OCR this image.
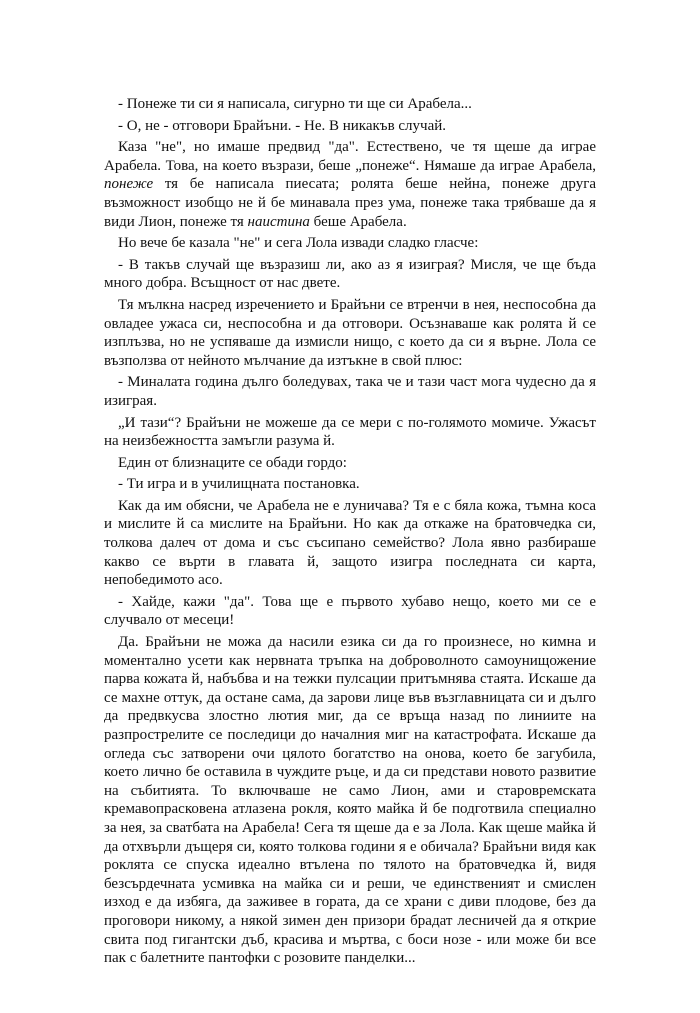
- Понеже ти си я написала, сигурно ти ще си Арабела...

- О, не - отговори Брайъни. - Не. В никакъв случай.

Каза "не", но имаше предвид "да". Естествено, че тя щеше да играе Арабела. Това, на което възрази, беше „понеже“. Нямаше да играе Арабела, понеже тя бе написала пиесата; ролята беше нейна, понеже друга възможност изобщо не й бе минавала през ума, понеже така трябваше да я види Лион, понеже тя наистина беше Арабела.

Но вече бе казала "не" и сега Лола извади сладко гласче:

- В такъв случай ще възразиш ли, ако аз я изиграя? Мисля, че ще бъда много добра. Всъщност от нас двете.

Тя мълкна насред изречението и Брайъни се втренчи в нея, неспособна да овладее ужаса си, неспособна и да отговори. Осъзнаваше как ролята й се изплъзва, но не успяваше да измисли нищо, с което да си я върне. Лола се възползва от нейното мълчание да изтъкне в свой плюс:

- Миналата година дълго боледувах, така че и тази част мога чудесно да я изиграя.

„И тази“? Брайъни не можеше да се мери с по-голямото момиче. Ужасът на неизбежността замъгли разума й.

Един от близнаците се обади гордо:

- Ти игра и в училищната постановка.

Как да им обясни, че Арабела не е луничава? Тя е с бяла кожа, тъмна коса и мислите й са мислите на Брайъни. Но как да откаже на братовчедка си, толкова далеч от дома и със съсипано семейство? Лола явно разбираше какво се върти в главата й, защото изигра последната си карта, непобедимото асо.

- Хайде, кажи "да". Това ще е първото хубаво нещо, което ми се е случвало от месеци!

Да. Брайъни не можа да насили езика си да го произнесе, но кимна и моментално усети как нервната тръпка на доброволното самоунищожение парва кожата й, набъбва и на тежки пулсации притъмнява стаята. Искаше да се махне оттук, да остане сама, да зарови лице във възглавницата си и дълго да предвкусва злостно лютия миг, да се връща назад по линиите на разпрострелите се последици до началния миг на катастрофата. Искаше да огледа със затворени очи цялото богатство на онова, което бе загубила, което лично бе оставила в чуждите ръце, и да си представи новото развитие на събитията. То включваше не само Лион, ами и старовремската кремавопрасковена атлазена рокля, която майка й бе подготвила специално за нея, за сватбата на Арабела! Сега тя щеше да е за Лола. Как щеше майка й да отхвърли дъщеря си, която толкова години я е обичала? Брайъни видя как роклята се спуска идеално втълена по тялото на братовчедка й, видя безсърдечната усмивка на майка си и реши, че единственият и смислен изход е да избяга, да заживее в гората, да се храни с диви плодове, без да проговори никому, а някой зимен ден призори брадат лесничей да я открие свита под гигантски дъб, красива и мъртва, с боси нозе - или може би все пак с балетните пантофки с розовите панделки...
